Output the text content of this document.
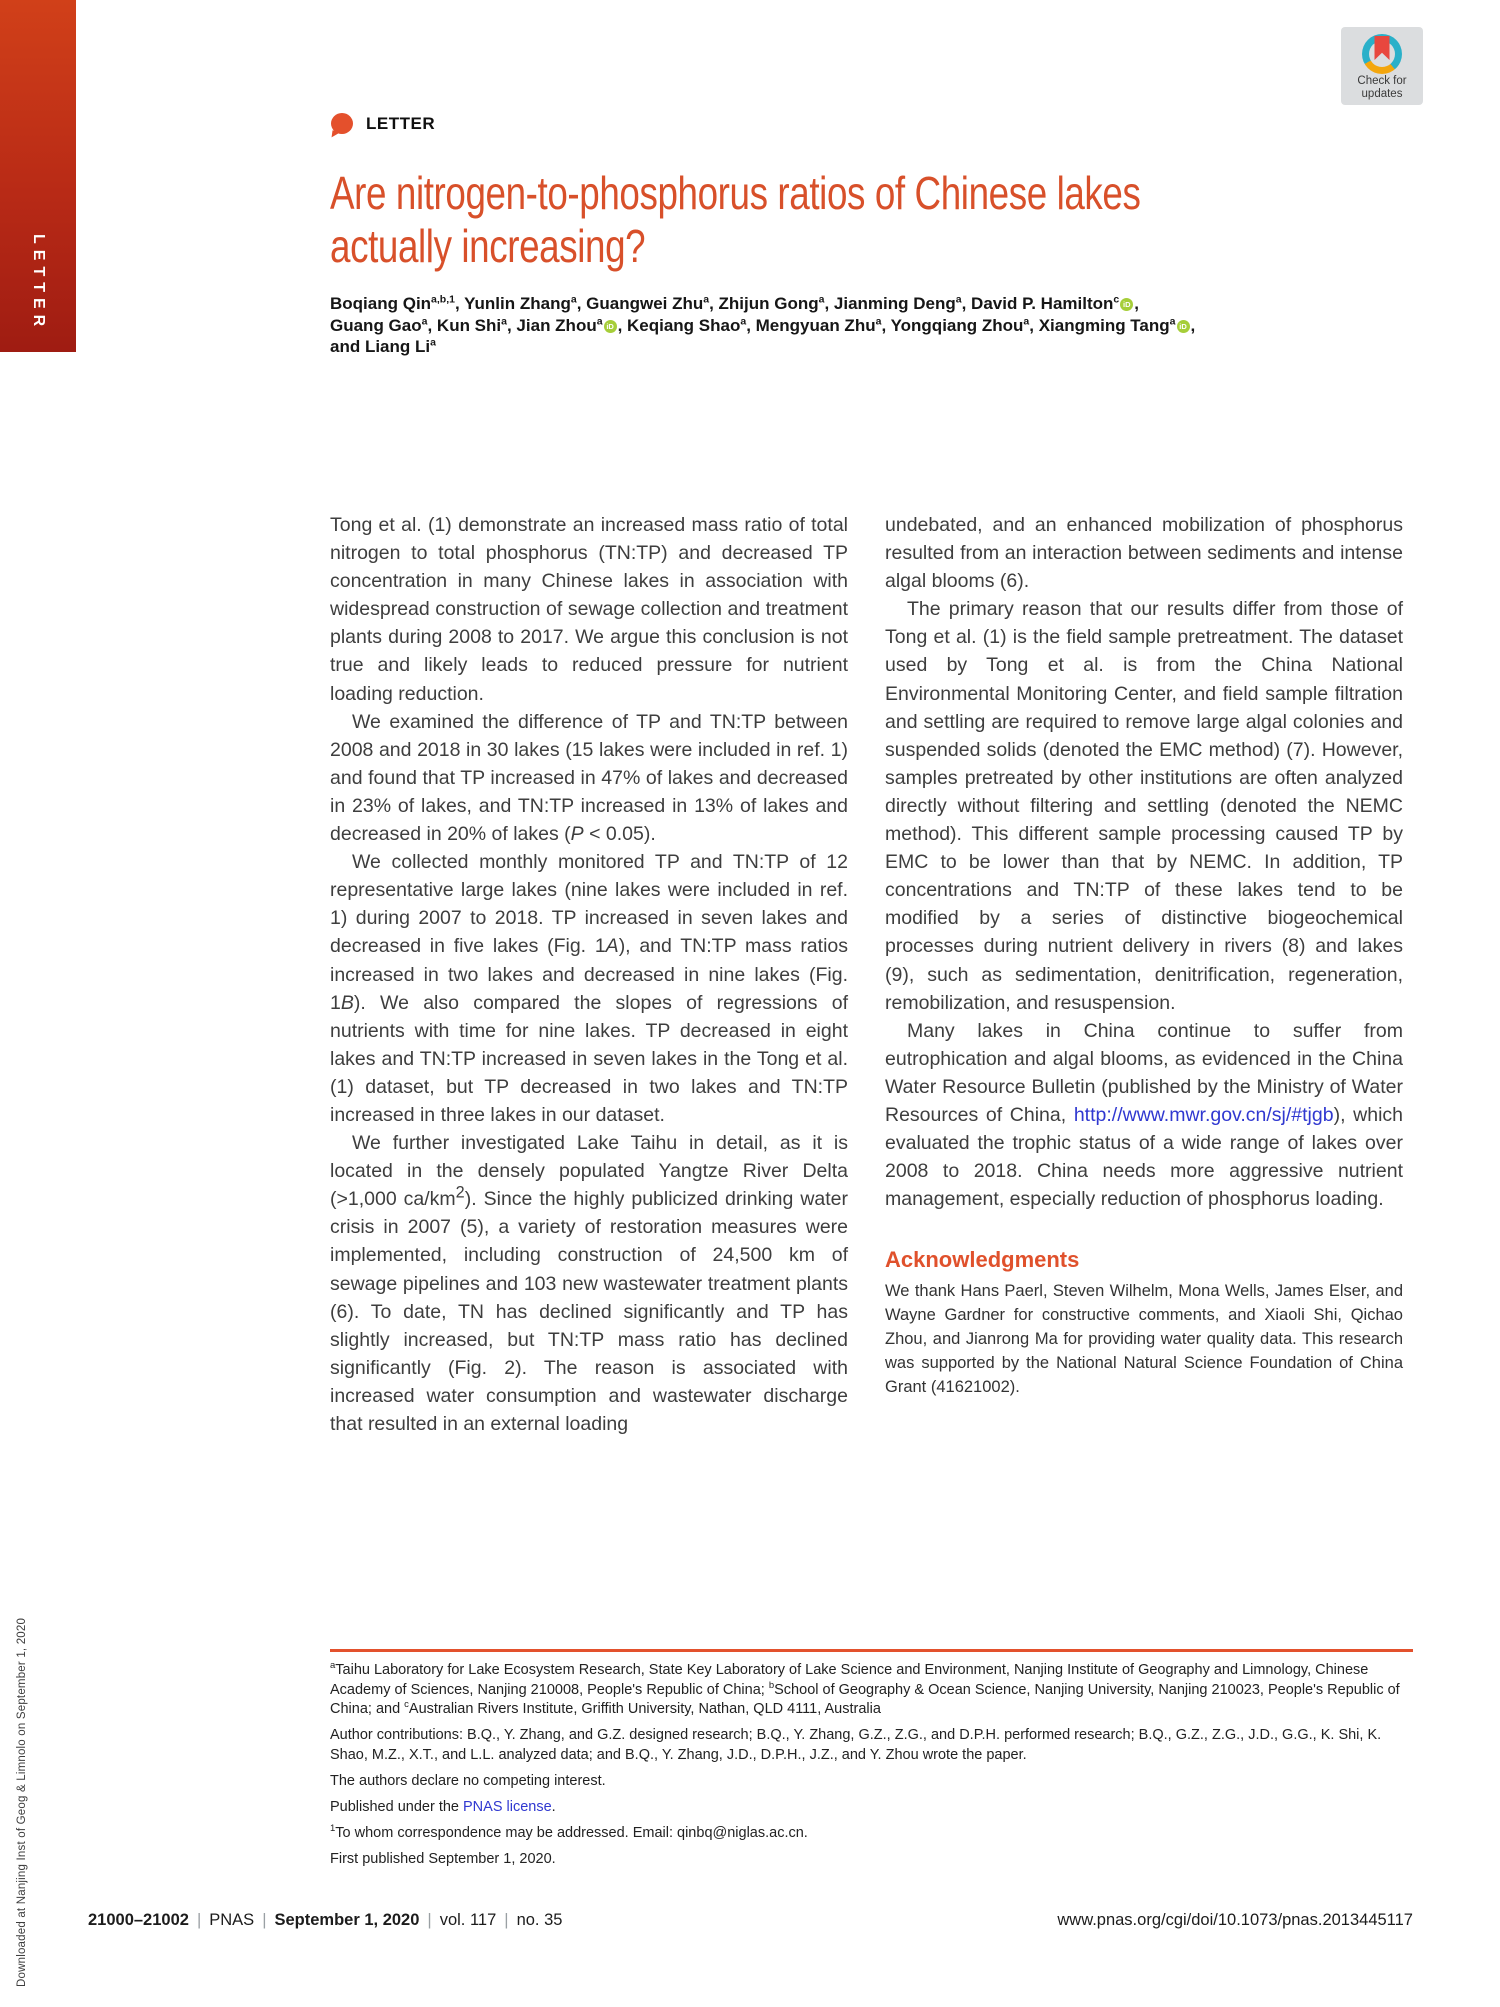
LETTER
Check for
updates
LETTER
Are nitrogen-to-phosphorus ratios of Chinese lakes
actually increasing?
Boqiang Qin$^{a,b,1}$, Yunlin Zhang$^a$, Guangwei Zhu$^a$, Zhijun Gong$^a$, Jianming Deng$^a$, David P. Hamilton$^c$ iD ,
Guang Gao$^a$, Kun Shi$^a$, Jian Zhou$^a$ iD , Keqiang Shao$^a$, Mengyuan Zhu$^a$, Yongqiang Zhou$^a$, Xiangming Tang$^a$ iD ,
and Liang Li$^a$

Tong et al. (1) demonstrate an increased mass ratio of total nitrogen to total phosphorus (TN:TP) and decreased TP concentration in many Chinese lakes in association with widespread construction of sewage collection and treatment plants during 2008 to 2017. We argue this conclusion is not true and likely leads to reduced pressure for nutrient loading reduction.

We examined the difference of TP and TN:TP between 2008 and 2018 in 30 lakes (15 lakes were included in ref. 1) and found that TP increased in 47% of lakes and decreased in 23% of lakes, and TN:TP increased in 13% of lakes and decreased in 20% of lakes (P < 0.05).

We collected monthly monitored TP and TN:TP of 12 representative large lakes (nine lakes were included in ref. 1) during 2007 to 2018. TP increased in seven lakes and decreased in five lakes (Fig. 1A), and TN:TP mass ratios increased in two lakes and decreased in nine lakes (Fig. 1B). We also compared the slopes of regressions of nutrients with time for nine lakes. TP decreased in eight lakes and TN:TP increased in seven lakes in the Tong et al. (1) dataset, but TP decreased in two lakes and TN:TP increased in three lakes in our dataset.

We further investigated Lake Taihu in detail, as it is located in the densely populated Yangtze River Delta (>1,000 $ca/km^2$). Since the highly publicized drinking water crisis in 2007 (5), a variety of restoration measures were implemented, including construction of 24,500 km of sewage pipelines and 103 new wastewater treatment plants (6). To date, TN has declined significantly and TP has slightly increased, but TN:TP mass ratio has declined significantly (Fig. 2). The reason is associated with increased water consumption and wastewater discharge that resulted in an external loading

undebated, and an enhanced mobilization of phosphorus resulted from an interaction between sediments and intense algal blooms (6).

The primary reason that our results differ from those of Tong et al. (1) is the field sample pretreatment. The dataset used by Tong et al. is from the China National Environmental Monitoring Center, and field sample filtration and settling are required to remove large algal colonies and suspended solids (denoted the EMC method) (7). However, samples pretreated by other institutions are often analyzed directly without filtering and settling (denoted the NEMC method). This different sample processing caused TP by EMC to be lower than that by NEMC. In addition, TP concentrations and TN:TP of these lakes tend to be modified by a series of distinctive biogeochemical processes during nutrient delivery in rivers (8) and lakes (9), such as sedimentation, denitrification, regeneration, remobilization, and resuspension.

Many lakes in China continue to suffer from eutrophication and algal blooms, as evidenced in the China Water Resource Bulletin (published by the Ministry of Water Resources of China, http://www.mwr.gov.cn/sj/#tjgb), which evaluated the trophic status of a wide range of lakes over 2008 to 2018. China needs more aggressive nutrient management, especially reduction of phosphorus loading.

Acknowledgments
We thank Hans Paerl, Steven Wilhelm, Mona Wells, James Elser, and Wayne Gardner for constructive comments, and Xiaoli Shi, Qichao Zhou, and Jianrong Ma for providing water quality data. This research was supported by the National Natural Science Foundation of China Grant (41621002).

$^a$Taihu Laboratory for Lake Ecosystem Research, State Key Laboratory of Lake Science and Environment, Nanjing Institute of Geography and Limnology, Chinese Academy of Sciences, Nanjing 210008, People's Republic of China; $^b$School of Geography & Ocean Science, Nanjing University, Nanjing 210023, People's Republic of China; and $^c$Australian Rivers Institute, Griffith University, Nathan, QLD 4111, Australia

Author contributions: B.Q., Y. Zhang, and G.Z. designed research; B.Q., Y. Zhang, G.Z., Z.G., and D.P.H. performed research; B.Q., G.Z., Z.G., J.D., G.G., K. Shi, K. Shao, M.Z., X.T., and L.L. analyzed data; and B.Q., Y. Zhang, J.D., D.P.H., J.Z., and Y. Zhou wrote the paper.

The authors declare no competing interest.

Published under the PNAS license.

$^1$To whom correspondence may be addressed. Email: qinbq@niglas.ac.cn.

First published September 1, 2020.

21000–21002 | PNAS | September 1, 2020 | vol. 117 | no. 35	www.pnas.org/cgi/doi/10.1073/pnas.2013445117
Downloaded at Nanjing Inst of Geog & Limnolo on September 1, 2020
